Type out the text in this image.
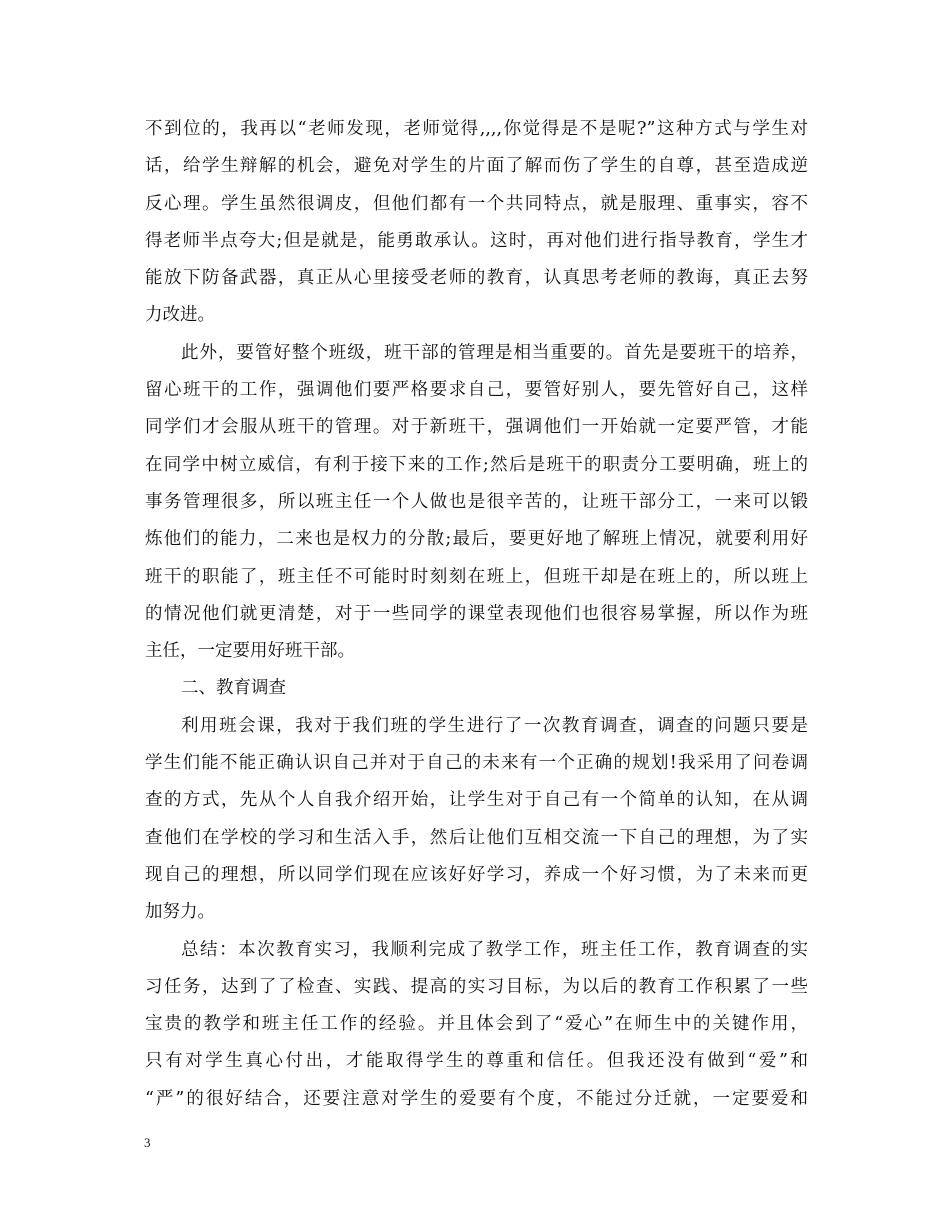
不到位的，我再以“老师发现，老师觉得,,,,你觉得是不是呢?”这种方式与学生对
话，给学生辩解的机会，避免对学生的片面了解而伤了学生的自尊，甚至造成逆
反心理。学生虽然很调皮，但他们都有一个共同特点，就是服理、重事实，容不
得老师半点夸大;但是就是，能勇敢承认。这时，再对他们进行指导教育，学生才
能放下防备武器，真正从心里接受老师的教育，认真思考老师的教诲，真正去努
力改进。
此外，要管好整个班级，班干部的管理是相当重要的。首先是要班干的培养，
留心班干的工作，强调他们要严格要求自己，要管好别人，要先管好自己，这样
同学们才会服从班干的管理。对于新班干，强调他们一开始就一定要严管，才能
在同学中树立威信，有利于接下来的工作;然后是班干的职责分工要明确，班上的
事务管理很多，所以班主任一个人做也是很辛苦的，让班干部分工，一来可以锻
炼他们的能力，二来也是权力的分散;最后，要更好地了解班上情况，就要利用好
班干的职能了，班主任不可能时时刻刻在班上，但班干却是在班上的，所以班上
的情况他们就更清楚，对于一些同学的课堂表现他们也很容易掌握，所以作为班
主任，一定要用好班干部。
二、教育调查
利用班会课，我对于我们班的学生进行了一次教育调查，调查的问题只要是
学生们能不能正确认识自己并对于自己的未来有一个正确的规划!我采用了问卷调
查的方式，先从个人自我介绍开始，让学生对于自己有一个简单的认知，在从调
查他们在学校的学习和生活入手，然后让他们互相交流一下自己的理想，为了实
现自己的理想，所以同学们现在应该好好学习，养成一个好习惯，为了未来而更
加努力。
总结：本次教育实习，我顺利完成了教学工作，班主任工作，教育调查的实
习任务，达到了了检查、实践、提高的实习目标，为以后的教育工作积累了一些
宝贵的教学和班主任工作的经验。并且体会到了“爱心”在师生中的关键作用，
只有对学生真心付出，才能取得学生的尊重和信任。但我还没有做到“爱”和
“严”的很好结合，还要注意对学生的爱要有个度，不能过分迁就，一定要爱和
3
